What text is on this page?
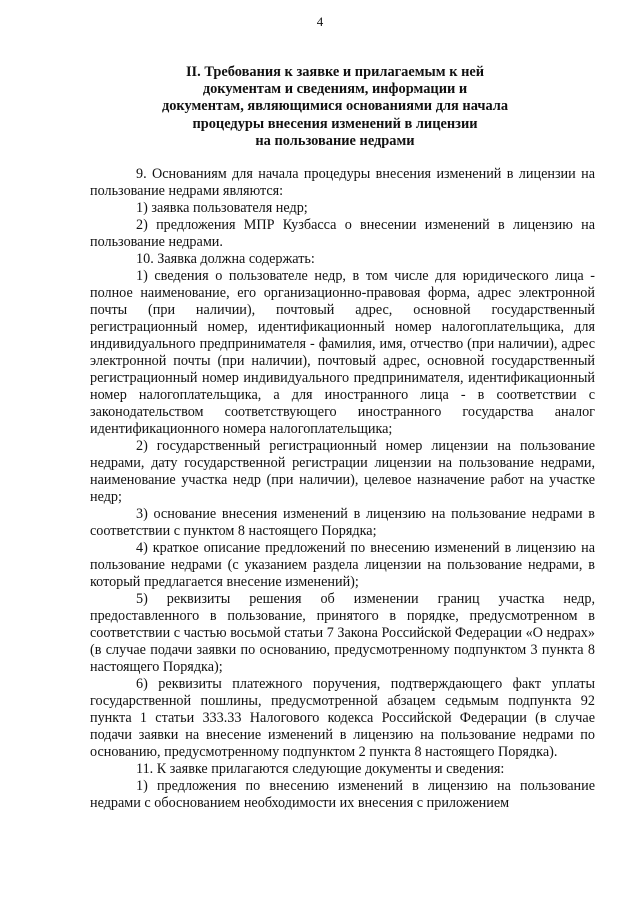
4
II. Требования к заявке и прилагаемым к ней
документам и сведениям, информации и
документам, являющимися основаниями для начала
процедуры внесения изменений в лицензии
на пользование недрами

9. Основаниям для начала процедуры внесения изменений в лицензии на пользование недрами являются:

1) заявка пользователя недр;

2) предложения МПР Кузбасса о внесении изменений в лицензию на пользование недрами.

10. Заявка должна содержать:

1) сведения о пользователе недр, в том числе для юридического лица - полное наименование, его организационно-правовая форма, адрес электронной почты (при наличии), почтовый адрес, основной государственный регистрационный номер, идентификационный номер налогоплательщика, для индивидуального предпринимателя - фамилия, имя, отчество (при наличии), адрес электронной почты (при наличии), почтовый адрес, основной государственный регистрационный номер индивидуального предпринимателя, идентификационный номер налогоплательщика, а для иностранного лица - в соответствии с законодательством соответствующего иностранного государства аналог идентификационного номера налогоплательщика;

2) государственный регистрационный номер лицензии на пользование недрами, дату государственной регистрации лицензии на пользование недрами, наименование участка недр (при наличии), целевое назначение работ на участке недр;

3) основание внесения изменений в лицензию на пользование недрами в соответствии с пунктом 8 настоящего Порядка;

4) краткое описание предложений по внесению изменений в лицензию на пользование недрами (с указанием раздела лицензии на пользование недрами, в который предлагается внесение изменений);

5) реквизиты решения об изменении границ участка недр, предоставленного в пользование, принятого в порядке, предусмотренном в соответствии с частью восьмой статьи 7 Закона Российской Федерации «О недрах» (в случае подачи заявки по основанию, предусмотренному подпунктом 3 пункта 8 настоящего Порядка);

6) реквизиты платежного поручения, подтверждающего факт уплаты государственной пошлины, предусмотренной абзацем седьмым подпункта 92 пункта 1 статьи 333.33 Налогового кодекса Российской Федерации (в случае подачи заявки на внесение изменений в лицензию на пользование недрами по основанию, предусмотренному подпунктом 2 пункта 8 настоящего Порядка).

11. К заявке прилагаются следующие документы и сведения:

1) предложения по внесению изменений в лицензию на пользование недрами с обоснованием необходимости их внесения с приложением
